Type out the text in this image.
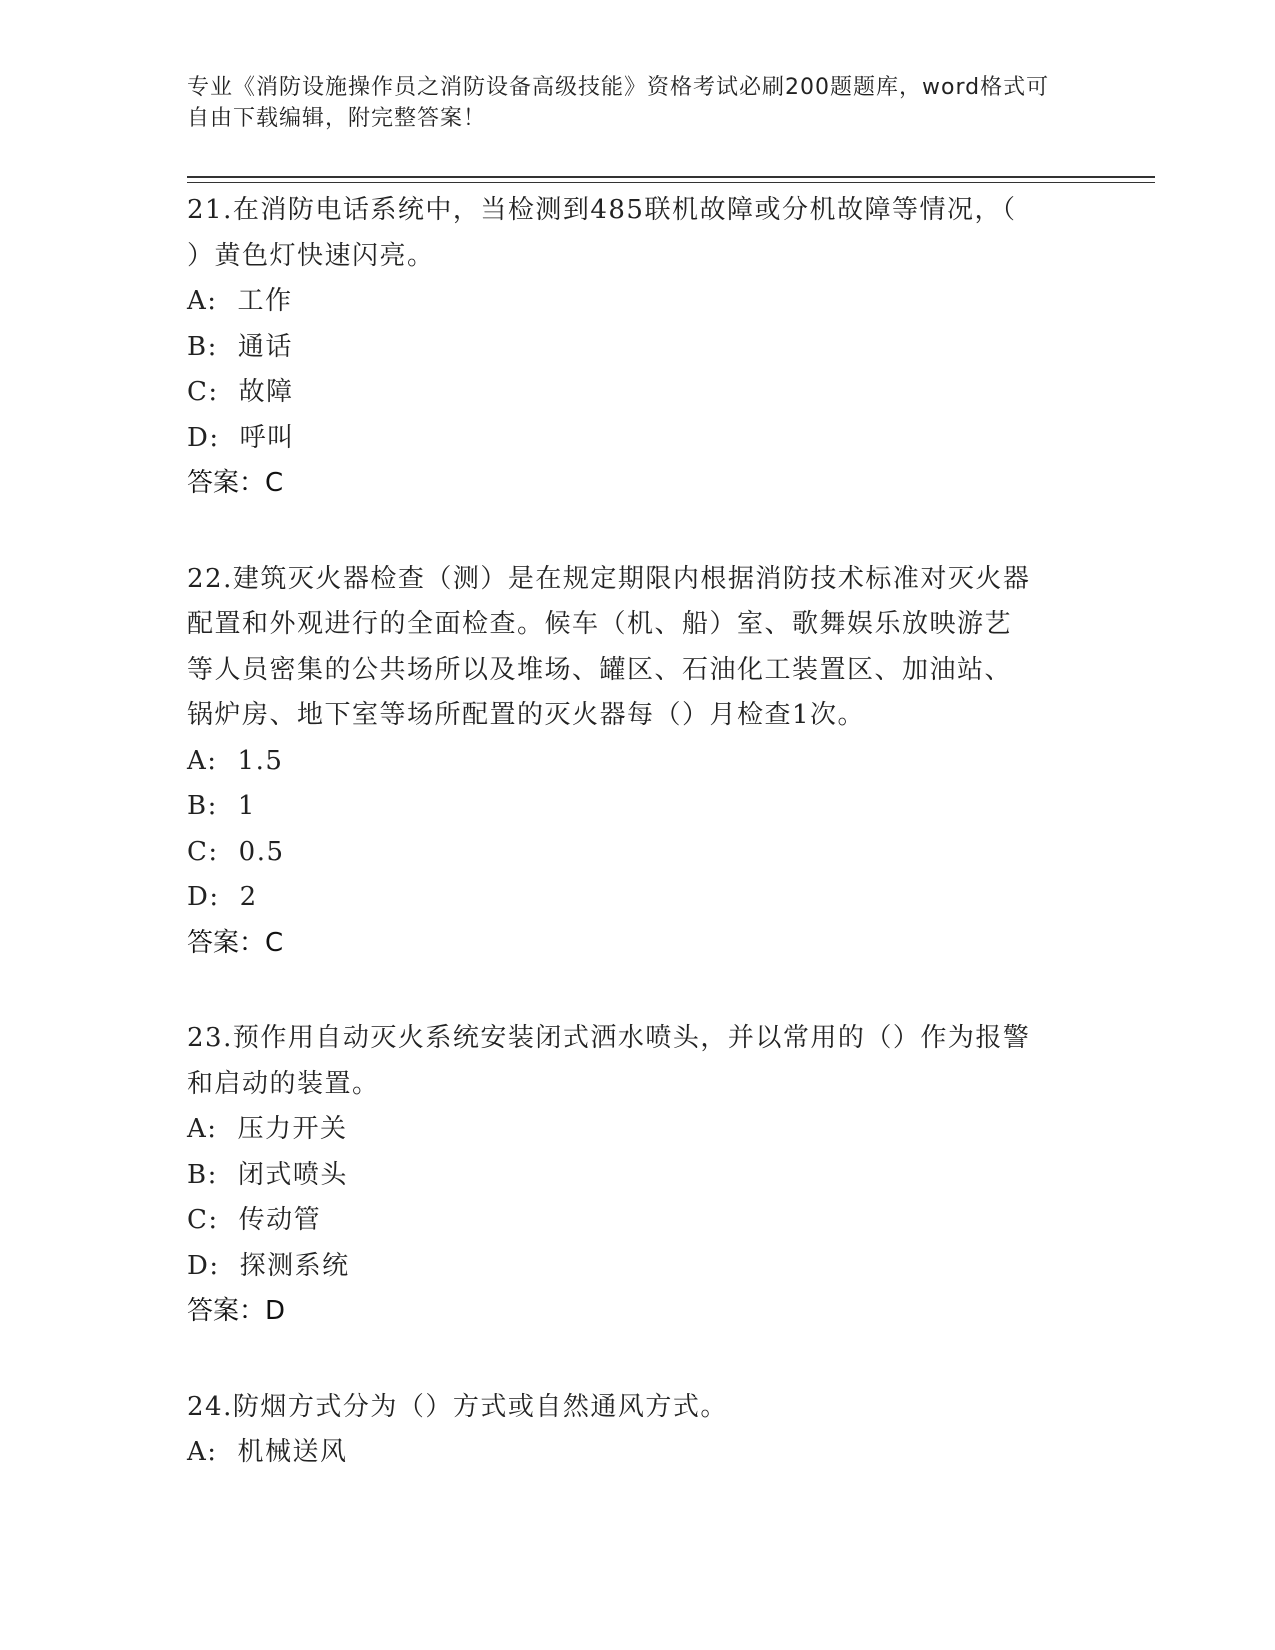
专业《消防设施操作员之消防设备高级技能》资格考试必刷200题题库，word格式可自由下载编辑，附完整答案！

21.在消防电话系统中，当检测到485联机故障或分机故障等情况，（
）黄色灯快速闪亮。

A: 工作
B: 通话
C: 故障
D: 呼叫
答案：C

22.建筑灭火器检查（测）是在规定期限内根据消防技术标准对灭火器
配置和外观进行的全面检查。候车（机、船）室、歌舞娱乐放映游艺
等人员密集的公共场所以及堆场、罐区、石油化工装置区、加油站、
锅炉房、地下室等场所配置的灭火器每（）月检查1次。

A: 1.5
B: 1
C: 0.5
D: 2
答案：C

23.预作用自动灭火系统安装闭式洒水喷头，并以常用的（）作为报警
和启动的装置。

A: 压力开关
B: 闭式喷头
C: 传动管
D: 探测系统
答案：D

24.防烟方式分为（）方式或自然通风方式。

A: 机械送风
